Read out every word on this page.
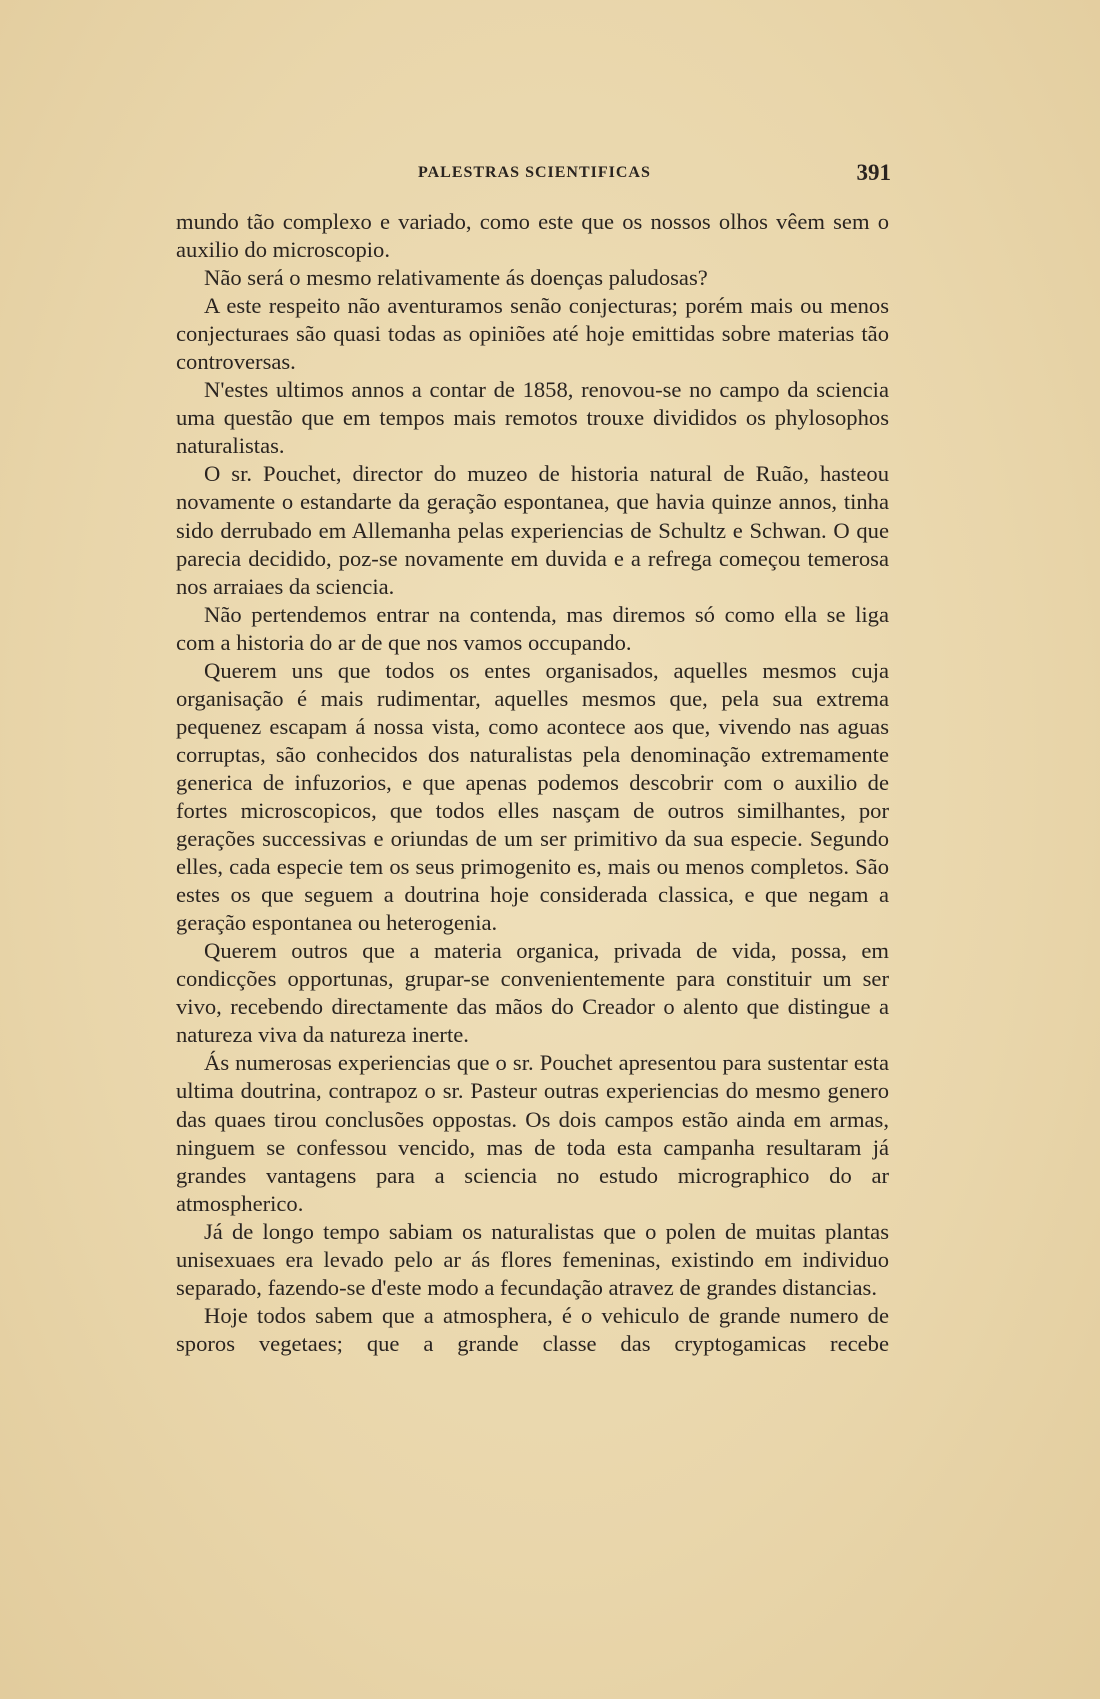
PALESTRAS SCIENTIFICAS	391

mundo tão complexo e variado, como este que os nossos olhos vêem sem o auxilio do microscopio.

Não será o mesmo relativamente ás doenças paludosas?

A este respeito não aventuramos senão conjecturas; porém mais ou menos conjecturaes são quasi todas as opiniões até hoje emittidas sobre materias tão controversas.

N'estes ultimos annos a contar de 1858, renovou-se no campo da sciencia uma questão que em tempos mais remotos trouxe divididos os phylosophos naturalistas.

O sr. Pouchet, director do muzeo de historia natural de Ruão, hasteou novamente o estandarte da geração espontanea, que havia quinze annos, tinha sido derrubado em Allemanha pelas experiencias de Schultz e Schwan. O que parecia decidido, poz-se novamente em duvida e a refrega começou temerosa nos arraiaes da sciencia.

Não pertendemos entrar na contenda, mas diremos só como ella se liga com a historia do ar de que nos vamos occupando.

Querem uns que todos os entes organisados, aquelles mesmos cuja organisação é mais rudimentar, aquelles mesmos que, pela sua extrema pequenez escapam á nossa vista, como acontece aos que, vivendo nas aguas corruptas, são conhecidos dos naturalistas pela denominação extremamente generica de infuzorios, e que apenas podemos descobrir com o auxilio de fortes microscopicos, que todos elles nasçam de outros similhantes, por gerações successivas e oriundas de um ser primitivo da sua especie. Segundo elles, cada especie tem os seus primogenito es, mais ou menos completos. São estes os que seguem a doutrina hoje considerada classica, e que negam a geração espontanea ou heterogenia.

Querem outros que a materia organica, privada de vida, possa, em condicções opportunas, grupar-se convenientemente para constituir um ser vivo, recebendo directamente das mãos do Creador o alento que distingue a natureza viva da natureza inerte.

Ás numerosas experiencias que o sr. Pouchet apresentou para sustentar esta ultima doutrina, contrapoz o sr. Pasteur outras experiencias do mesmo genero das quaes tirou conclusões oppostas. Os dois campos estão ainda em armas, ninguem se confessou vencido, mas de toda esta campanha resultaram já grandes vantagens para a sciencia no estudo micrographico do ar atmospherico.

Já de longo tempo sabiam os naturalistas que o polen de muitas plantas unisexuaes era levado pelo ar ás flores femeninas, existindo em individuo separado, fazendo-se d'este modo a fecundação atravez de grandes distancias.

Hoje todos sabem que a atmosphera, é o vehiculo de grande numero de sporos vegetaes; que a grande classe das cryptogamicas recebe
